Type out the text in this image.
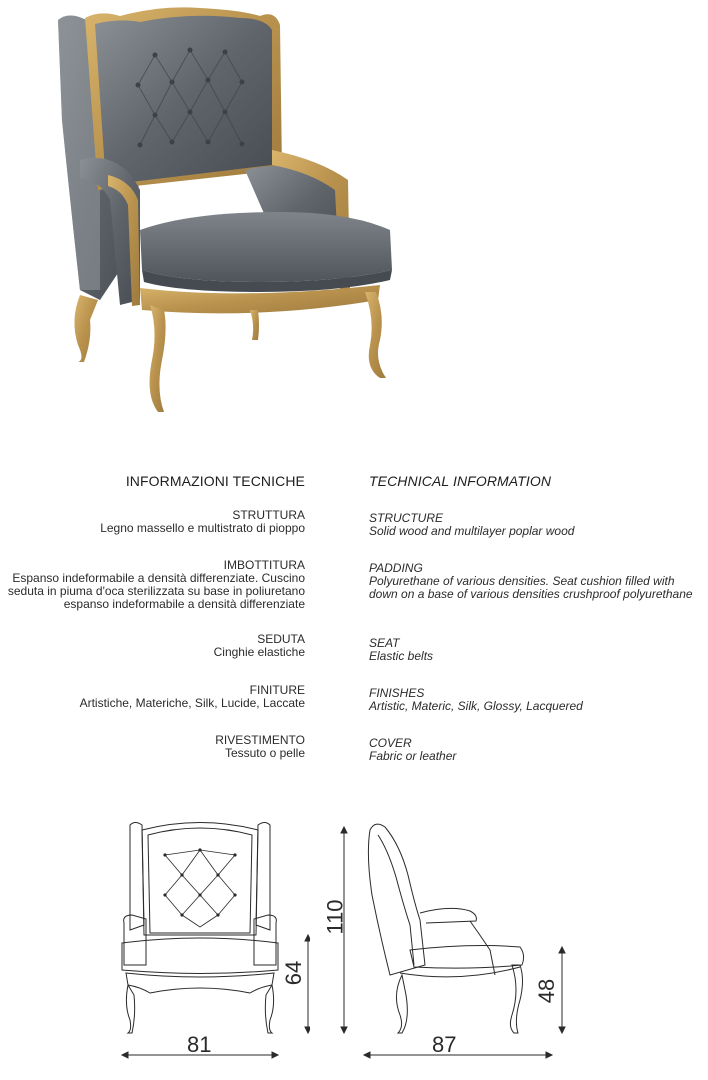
INFORMAZIONI TECNICHE
STRUTTURA
Legno massello e multistrato di pioppo
IMBOTTITURA
Espanso indeformabile a densità differenziate. Cuscino
seduta in piuma d'oca sterilizzata su base in poliuretano
espanso indeformabile a densità differenziate
SEDUTA
Cinghie elastiche
FINITURE
Artistiche, Materiche, Silk, Lucide, Laccate
RIVESTIMENTO
Tessuto o pelle
TECHNICAL INFORMATION
STRUCTURE
Solid wood and multilayer poplar wood
PADDING
Polyurethane of various densities. Seat cushion filled with
down on a base of various densities crushproof polyurethane
SEAT
Elastic belts
FINISHES
Artistic, Materic, Silk, Glossy, Lacquered
COVER
Fabric or leather
81
64
110
87
48
